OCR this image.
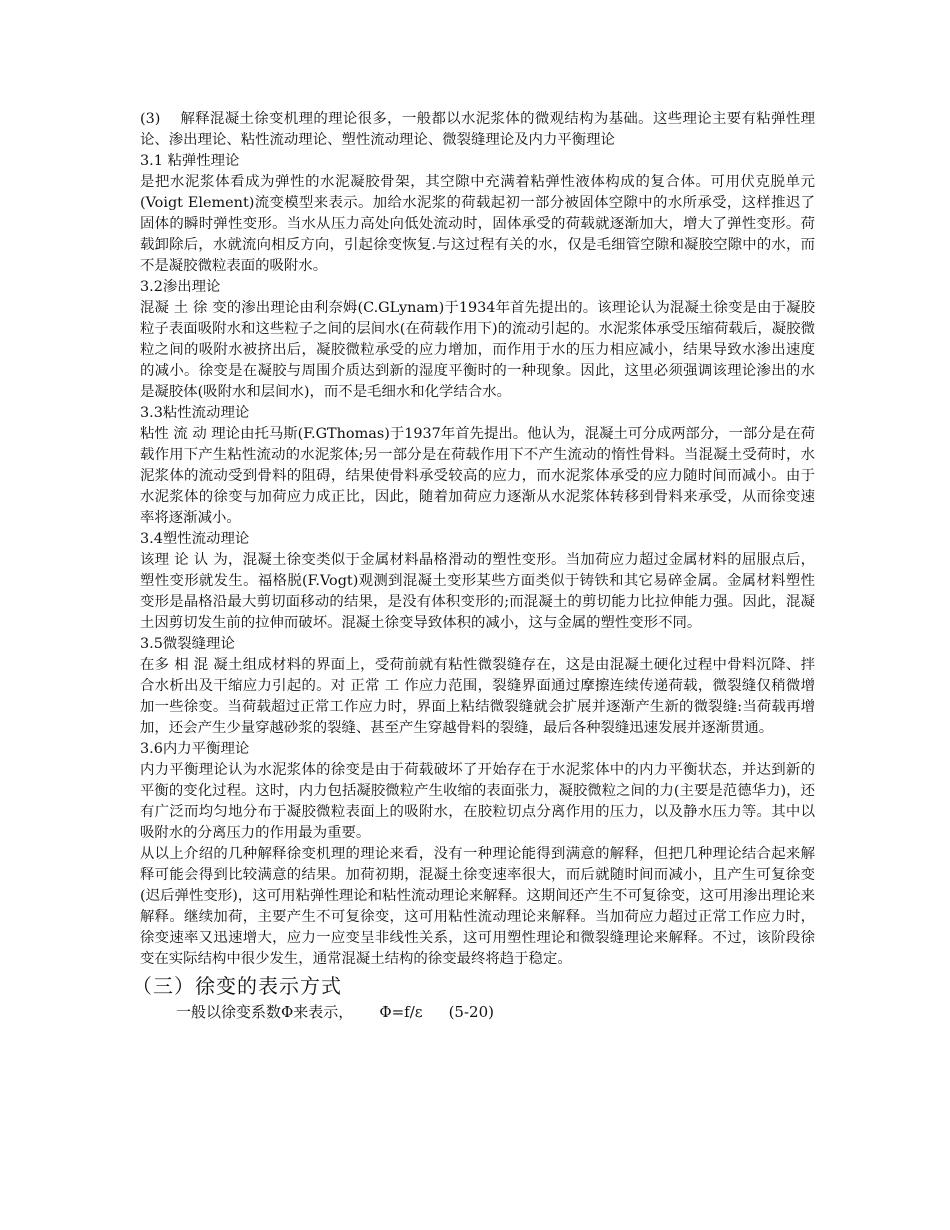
(3)　 解释混凝土徐变机理的理论很多，一般都以水泥浆体的微观结构为基础。这些理论主要有粘弹性理论、渗出理论、粘性流动理论、塑性流动理论、微裂缝理论及内力平衡理论

3.1 粘弹性理论

是把水泥浆体看成为弹性的水泥凝胶骨架，其空隙中充满着粘弹性液体构成的复合体。可用伏克脱单元(Voigt Element)流变模型来表示。加给水泥浆的荷载起初一部分被固体空隙中的水所承受，这样推迟了固体的瞬时弹性变形。当水从压力高处向低处流动时，固体承受的荷载就逐渐加大，增大了弹性变形。荷载卸除后，水就流向相反方向，引起徐变恢复.与这过程有关的水，仅是毛细管空隙和凝胶空隙中的水，而不是凝胶微粒表面的吸附水。

3.2渗出理论

混凝 土 徐 变的渗出理论由利奈姆(C.GLynam)于1934年首先提出的。该理论认为混凝土徐变是由于凝胶粒子表面吸附水和这些粒子之间的层间水(在荷载作用下)的流动引起的。水泥浆体承受压缩荷载后，凝胶微粒之间的吸附水被挤出后，凝胶微粒承受的应力增加，而作用于水的压力相应减小，结果导致水渗出速度的减小。徐变是在凝胶与周围介质达到新的湿度平衡时的一种现象。因此，这里必须强调该理论渗出的水是凝胶体(吸附水和层间水)，而不是毛细水和化学结合水。

3.3粘性流动理论

粘性 流 动 理论由托马斯(F.GThomas)于1937年首先提出。他认为，混凝土可分成两部分，一部分是在荷载作用下产生粘性流动的水泥浆体;另一部分是在荷载作用下不产生流动的惰性骨料。当混凝土受荷时，水泥浆体的流动受到骨料的阻碍，结果使骨料承受较高的应力，而水泥浆体承受的应力随时间而减小。由于水泥浆体的徐变与加荷应力成正比，因此，随着加荷应力逐渐从水泥浆体转移到骨料来承受，从而徐变速率将逐渐减小。

3.4塑性流动理论

该理 论 认 为，混凝土徐变类似于金属材料晶格滑动的塑性变形。当加荷应力超过金属材料的屈服点后，塑性变形就发生。福格脱(F.Vogt)观测到混凝土变形某些方面类似于铸铁和其它易碎金属。金属材料塑性变形是晶格沿最大剪切面移动的结果，是没有体积变形的;而混凝土的剪切能力比拉伸能力强。因此，混凝土因剪切发生前的拉伸而破坏。混凝土徐变导致体积的减小，这与金属的塑性变形不同。

3.5微裂缝理论

在多 相 混 凝土组成材料的界面上，受荷前就有粘性微裂缝存在，这是由混凝土硬化过程中骨料沉降、拌合水析出及干缩应力引起的。对 正常 工 作应力范围，裂缝界面通过摩擦连续传递荷载，微裂缝仅稍微增加一些徐变。当荷载超过正常工作应力时，界面上粘结微裂缝就会扩展并逐渐产生新的微裂缝:当荷载再增加，还会产生少量穿越砂浆的裂缝、甚至产生穿越骨料的裂缝，最后各种裂缝迅速发展并逐渐贯通。

3.6内力平衡理论

内力平衡理论认为水泥浆体的徐变是由于荷载破坏了开始存在于水泥浆体中的内力平衡状态，并达到新的平衡的变化过程。这时，内力包括凝胶微粒产生收缩的表面张力，凝胶微粒之间的力(主要是范德华力)，还有广泛而均匀地分布于凝胶微粒表面上的吸附水，在胶粒切点分离作用的压力，以及静水压力等。其中以吸附水的分离压力的作用最为重要。

从以上介绍的几种解释徐变机理的理论来看，没有一种理论能得到满意的解释，但把几种理论结合起来解释可能会得到比较满意的结果。加荷初期，混凝土徐变速率很大，而后就随时间而减小，且产生可复徐变(迟后弹性变形)，这可用粘弹性理论和粘性流动理论来解释。这期间还产生不可复徐变，这可用渗出理论来解释。继续加荷，主要产生不可复徐变，这可用粘性流动理论来解释。当加荷应力超过正常工作应力时，徐变速率又迅速增大，应力一应变呈非线性关系，这可用塑性理论和微裂缝理论来解释。不过，该阶段徐变在实际结构中很少发生，通常混凝土结构的徐变最终将趋于稳定。

（三）徐变的表示方式
一般以徐变系数Φ来表示， Φ=f/ε (5-20)
